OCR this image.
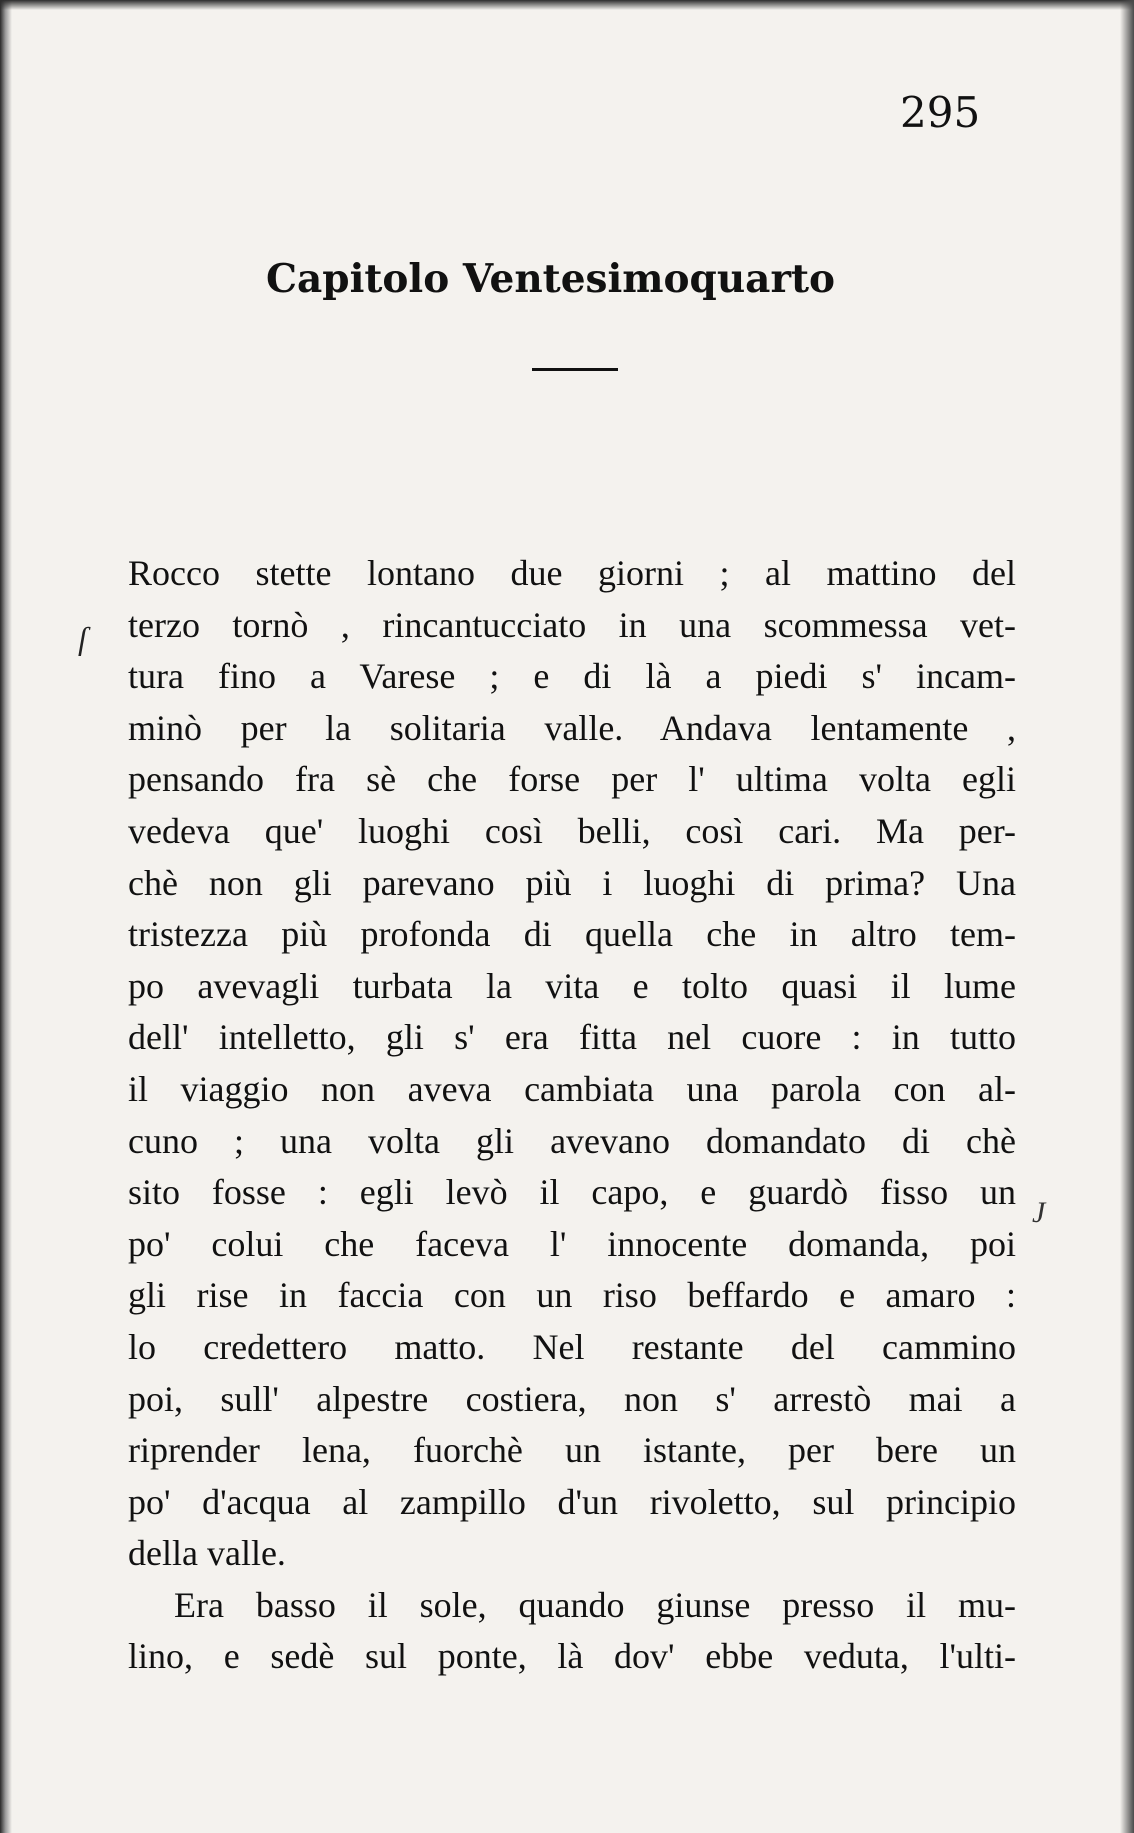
295
Capitolo Ventesimoquarto
ſ
J
Rocco stette lontano due giorni ; al mattino del
terzo tornò , rincantucciato in una scommessa vet-
tura fino a Varese ; e di là a piedi s' incam-
minò per la solitaria valle. Andava lentamente ,
pensando fra sè che forse per l' ultima volta egli
vedeva que' luoghi così belli, così cari. Ma per-
chè non gli parevano più i luoghi di prima? Una
tristezza più profonda di quella che in altro tem-
po avevagli turbata la vita e tolto quasi il lume
dell' intelletto, gli s' era fitta nel cuore : in tutto
il viaggio non aveva cambiata una parola con al-
cuno ; una volta gli avevano domandato di chè
sito fosse : egli levò il capo, e guardò fisso un
po' colui che faceva l' innocente domanda, poi
gli rise in faccia con un riso beffardo e amaro :
lo credettero matto. Nel restante del cammino
poi, sull' alpestre costiera, non s' arrestò mai a
riprender lena, fuorchè un istante, per bere un
po' d'acqua al zampillo d'un rivoletto, sul principio
della valle.
Era basso il sole, quando giunse presso il mu-
lino, e sedè sul ponte, là dov' ebbe veduta, l'ulti-
